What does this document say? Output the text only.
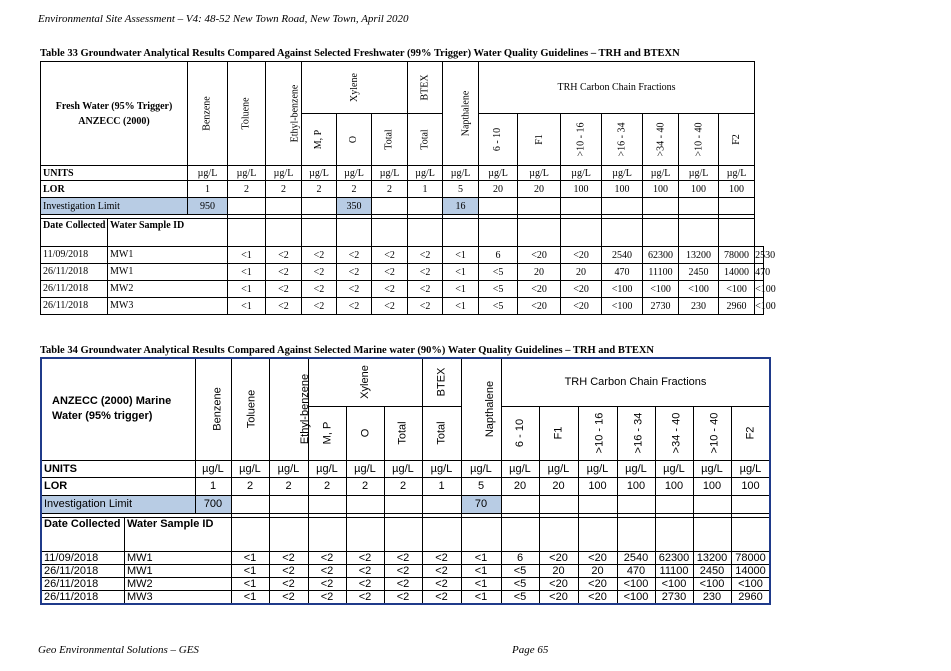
Environmental Site Assessment – V4: 48-52 New Town Road, New Town, April 2020
Table 33 Groundwater Analytical Results Compared Against Selected Freshwater (99% Trigger) Water Quality Guidelines – TRH and BTEXN
Fresh Water (95% Trigger) ANZECC (2000)	Benzene	Toluene	Ethyl-benzene	Xylene			BTEX	Napthalene	TRH Carbon Chain Fractions							
				M, P	O	Total	Total		6 - 10	F1	>10 - 16	>16 - 34	>34 - 40	>10 - 40	F2	
UNITS	µg/L	µg/L	µg/L	µg/L	µg/L	µg/L	µg/L	µg/L	µg/L	µg/L	µg/L	µg/L	µg/L	µg/L	µg/L	
LOR	1	2	2	2	2	2	1	5	20	20	100	100	100	100	100	
Investigation Limit	950				350			16								

Date Collected Water Sample ID																

11/09/2018 MW1		<1	<2	<2	<2	<2	<2	<1	6	<20	<20	2540	62300	13200	78000	2530

26/11/2018 MW1		<1	<2	<2	<2	<2	<2	<1	<5	20	20	470	11100	2450	14000	470

26/11/2018 MW2		<1	<2	<2	<2	<2	<2	<1	<5	<20	<20	<100	<100	<100	<100	<100

26/11/2018 MW3		<1	<2	<2	<2	<2	<2	<1	<5	<20	<20	<100	2730	230	2960	<100
Table 34 Groundwater Analytical Results Compared Against Selected Marine water (90%) Water Quality Guidelines – TRH and BTEXN
ANZECC (2000) Marine Water (95% trigger)	Benzene	Toluene	Ethyl-benzene	Xylene			BTEX	Napthalene	TRH Carbon Chain Fractions							
				M, P	O	Total	Total		6 - 10	F1	>10 - 16	>16 - 34	>34 - 40	>10 - 40	F2	
UNITS	µg/L	µg/L	µg/L	µg/L	µg/L	µg/L	µg/L	µg/L	µg/L	µg/L	µg/L	µg/L	µg/L	µg/L	µg/L	
LOR	1	2	2	2	2	2	1	5	20	20	100	100	100	100	100	
Investigation Limit	700							70								

Date Collected Water Sample ID																

11/09/2018 MW1		<1	<2	<2	<2	<2	<2	<1	6	<20	<20	2540	62300	13200	78000	

26/11/2018 MW1		<1	<2	<2	<2	<2	<2	<1	<5	20	20	470	11100	2450	14000	

26/11/2018 MW2		<1	<2	<2	<2	<2	<2	<1	<5	<20	<20	<100	<100	<100	<100	

26/11/2018 MW3		<1	<2	<2	<2	<2	<2	<1	<5	<20	<20	<100	2730	230	2960	
Geo Environmental Solutions – GES	Page 65
